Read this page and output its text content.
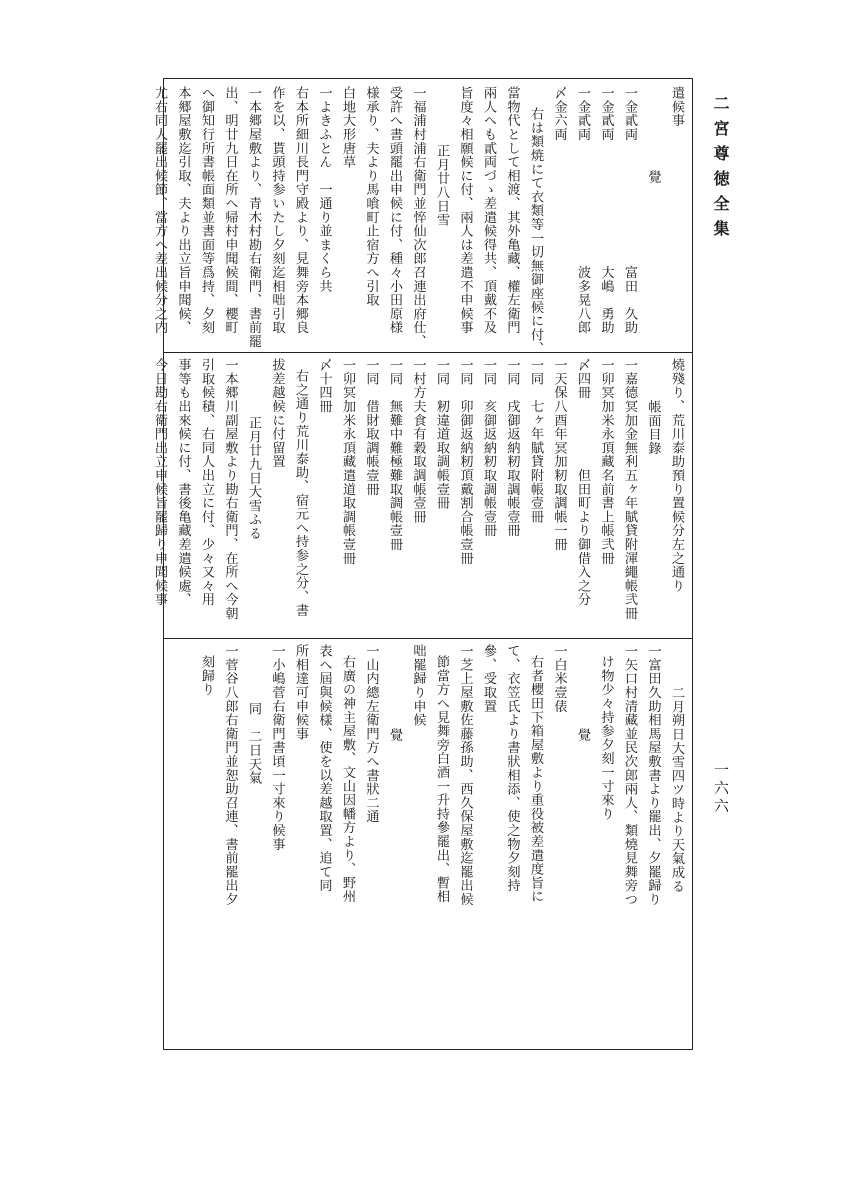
二宮尊徳全集
一六六
遣候事
覺
一金貳両　　　　　　　　　富田　久助
一金貳両　　　　　　　　　大嶋　勇助
一金貳両　　　　　　　　　波多晃八郎
〆金六両
右は類焼にて衣類等一切無御座候に付、
當物代として相渡、其外亀藏、權左衛門
兩人へも貳両づゝ差遣候得共、頂戴不及
旨度々相願候に付、兩人は差遣不申候事
正月廿八日雪
一福浦村浦右衛門並悴仙次郎召連出府仕、
受許へ書頭罷出申候に付、種々小田原様
様承り、夫より馬喰町止宿方へ引取
白地大形唐草
一よきふとん　一通り並まくら共
右本所細川長門守殿より、見舞旁本郷良
作を以、貰頭持参いたし夕刻迄相咄引取
一本郷屋敷より、青木村勘右衛門、書前罷
出、明廿九日在所へ帰村申聞候間、櫻町
へ御知行所書帳面類並書面等爲持、夕刻
本郷屋敷迄引取、夫より出立旨申聞候、
尤右同人罷出候節、當方へ差出候分之内
燒殘り、荒川泰助預り置候分左之通り
帳面目錄
一嘉德冥加金無利五ヶ年賦貸附渾繩帳弐冊
一卯冥加米永頂藏名前書上帳弐冊
〆四冊　　　　　但田町より御借入之分
一天保八酉年冥加籾取調帳一冊
一同　七ヶ年賦貸附帳壹冊
一同　戌御返納籾取調帳壹冊
一同　亥御返納籾取調帳壹冊
一同　卯御返納籾頂戴割合帳壹冊
一同　籾違道取調帳壹冊
一村方夫食有穀取調帳壹冊
一同　無難中難極難取調帳壹冊
一同　借財取調帳壹冊
一卯冥加米永頂藏遣道取調帳壹冊
〆十四冊
右之通り荒川泰助、宿元へ持参之分、書
拔差越候に付留置
正月廿九日大雪ふる
一本郷川副屋敷より勘右衛門、在所へ今朝
引取候積、右同人出立に付、少々又々用
事等も出來候に付、書後亀藏差遣候處、
今日勘右衛門出立申候旨罷歸り申聞候事
二月朔日大雪四ツ時より天氣成る
一富田久助相馬屋敷書より罷出、夕罷歸り
一矢口村清藏並民次郎兩人、類燒見舞旁つ
け物少々持参夕刻一寸來り
覺
一白米壹俵
右者櫻田下箱屋敷より重役被差遣度旨に
て、衣笠氏より書狀相添、使之物夕刻持
參、受取置
一芝上屋敷佐藤孫助、西久保屋敷迄罷出候
節當方へ見舞旁白酒一升持參罷出、暫相
咄罷歸り申候
覺
一山内總左衛門方へ書狀二通
右廣の神主屋敷、文山因幡方より、野州
表へ屆與候樣、使を以差越取置、追て同
所相達可申候事
一小嶋菅右衛門書頃一寸來り候事
同　二日天氣
一菅谷八郎右衛門並恕助召連、書前罷出夕
刻歸り
